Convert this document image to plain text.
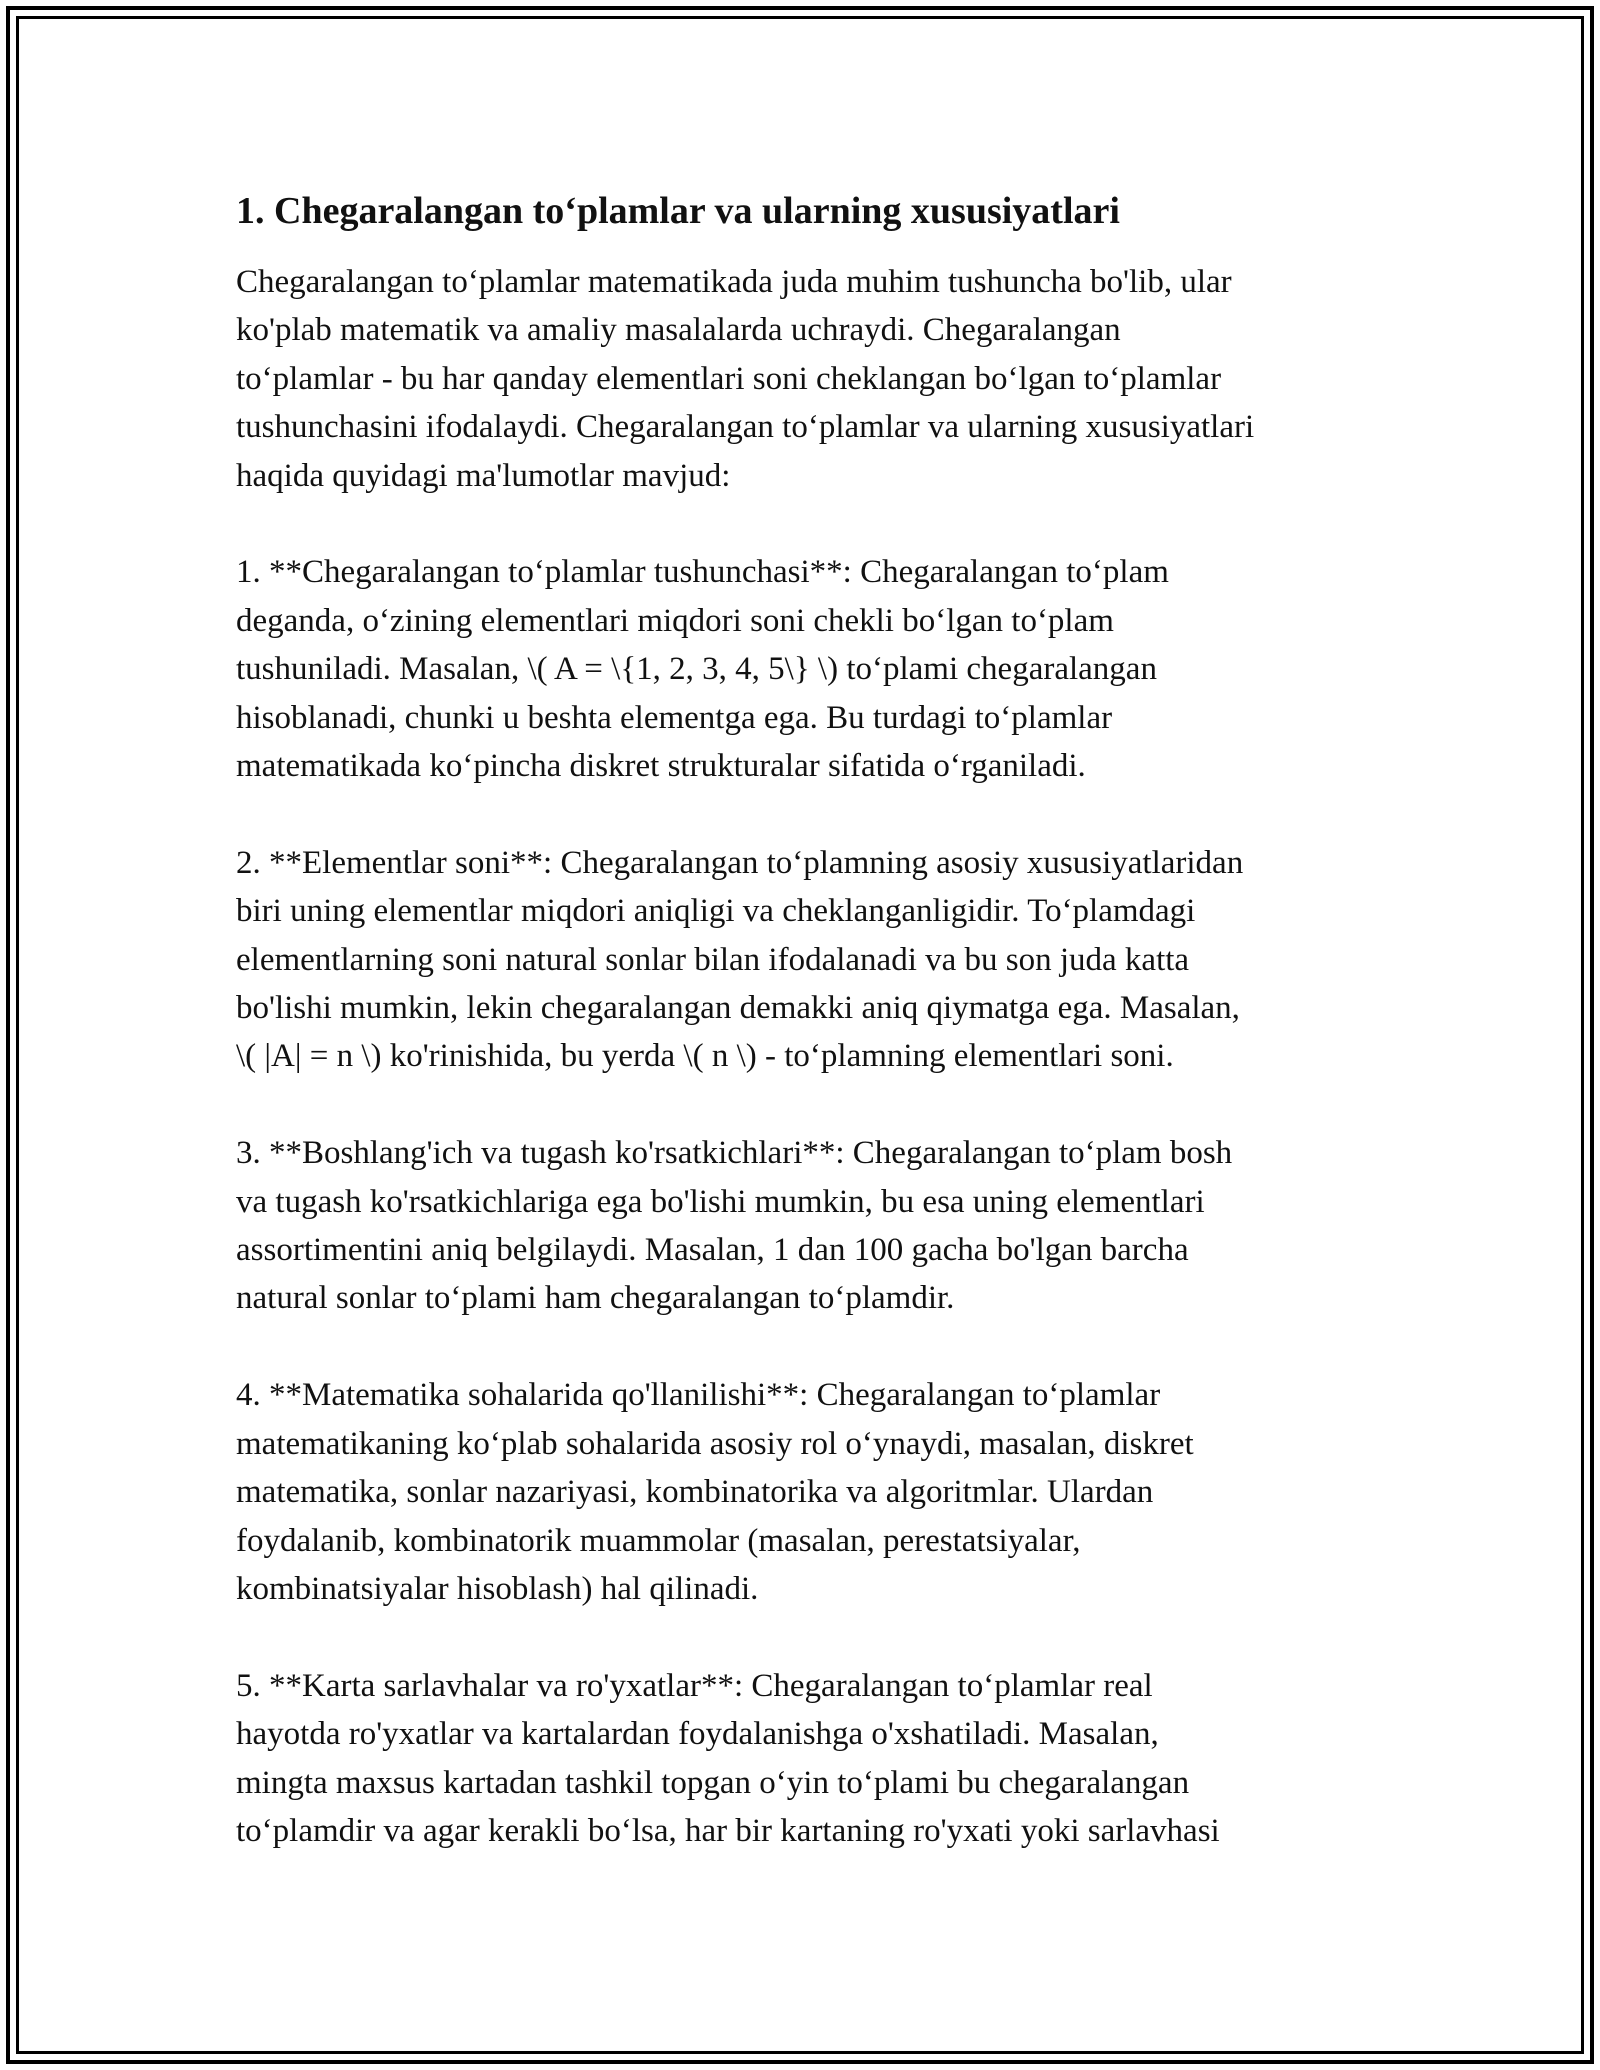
1. Chegaralangan to‘plamlar va ularning xususiyatlari
Chegaralangan to‘plamlar matematikada juda muhim tushuncha bo'lib, ular
ko'plab matematik va amaliy masalalarda uchraydi. Chegaralangan
to‘plamlar - bu har qanday elementlari soni cheklangan bo‘lgan to‘plamlar
tushunchasini ifodalaydi. Chegaralangan to‘plamlar va ularning xususiyatlari
haqida quyidagi ma'lumotlar mavjud:
1. **Chegaralangan to‘plamlar tushunchasi**: Chegaralangan to‘plam
deganda, o‘zining elementlari miqdori soni chekli bo‘lgan to‘plam
tushuniladi. Masalan, \( A = \{1, 2, 3, 4, 5\} \) to‘plami chegaralangan
hisoblanadi, chunki u beshta elementga ega. Bu turdagi to‘plamlar
matematikada ko‘pincha diskret strukturalar sifatida o‘rganiladi.
2. **Elementlar soni**: Chegaralangan to‘plamning asosiy xususiyatlaridan
biri uning elementlar miqdori aniqligi va cheklanganligidir. To‘plamdagi
elementlarning soni natural sonlar bilan ifodalanadi va bu son juda katta
bo'lishi mumkin, lekin chegaralangan demakki aniq qiymatga ega. Masalan,
\( |A| = n \) ko'rinishida, bu yerda \( n \) - to‘plamning elementlari soni.
3. **Boshlang'ich va tugash ko'rsatkichlari**: Chegaralangan to‘plam bosh
va tugash ko'rsatkichlariga ega bo'lishi mumkin, bu esa uning elementlari
assortimentini aniq belgilaydi. Masalan, 1 dan 100 gacha bo'lgan barcha
natural sonlar to‘plami ham chegaralangan to‘plamdir.
4. **Matematika sohalarida qo'llanilishi**: Chegaralangan to‘plamlar
matematikaning ko‘plab sohalarida asosiy rol o‘ynaydi, masalan, diskret
matematika, sonlar nazariyasi, kombinatorika va algoritmlar. Ulardan
foydalanib, kombinatorik muammolar (masalan, perestatsiyalar,
kombinatsiyalar hisoblash) hal qilinadi.
5. **Karta sarlavhalar va ro'yxatlar**: Chegaralangan to‘plamlar real
hayotda ro'yxatlar va kartalardan foydalanishga o'xshatiladi. Masalan,
mingta maxsus kartadan tashkil topgan o‘yin to‘plami bu chegaralangan
to‘plamdir va agar kerakli bo‘lsa, har bir kartaning ro'yxati yoki sarlavhasi
